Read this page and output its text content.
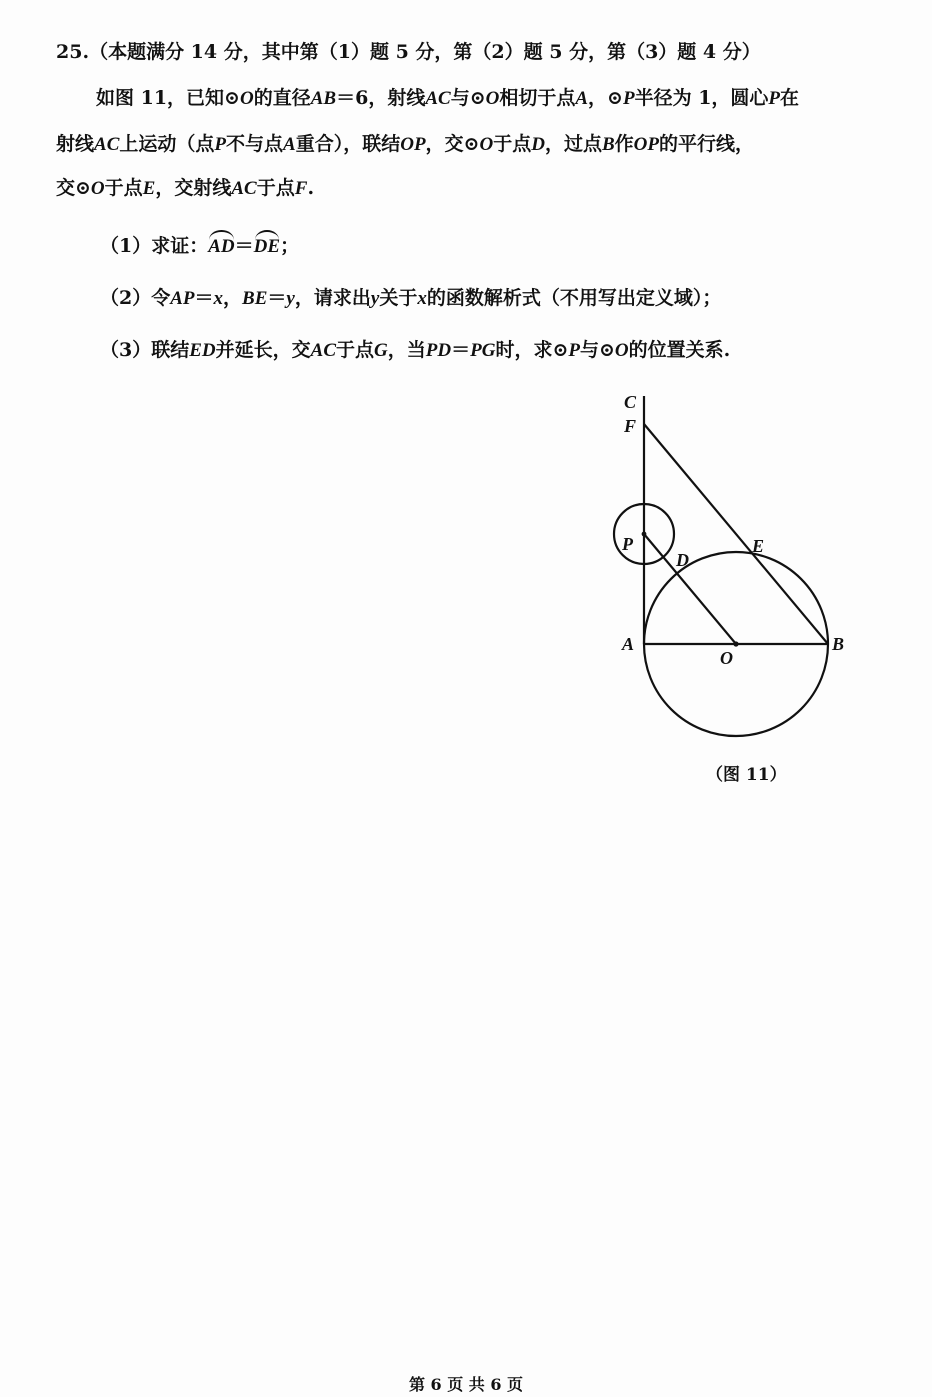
25.（本题满分 14 分，其中第（1）题 5 分，第（2）题 5 分，第（3）题 4 分）
如图 11，已知⊙O的直径AB＝6，射线AC与⊙O相切于点A，⊙P半径为 1，圆心P在
射线AC上运动（点P不与点A重合），联结OP，交⊙O于点D，过点B作OP的平行线，
交⊙O于点E，交射线AC于点F.
（1）求证：AD＝DE；
（2）令AP＝x，BE＝y，请求出y关于x的函数解析式（不用写出定义域）；
（3）联结ED并延长，交AC于点G，当PD＝PG时，求⊙P与⊙O的位置关系.
C
F
P
D
E
A
O
B
（图 11）
第 6 页 共 6 页
